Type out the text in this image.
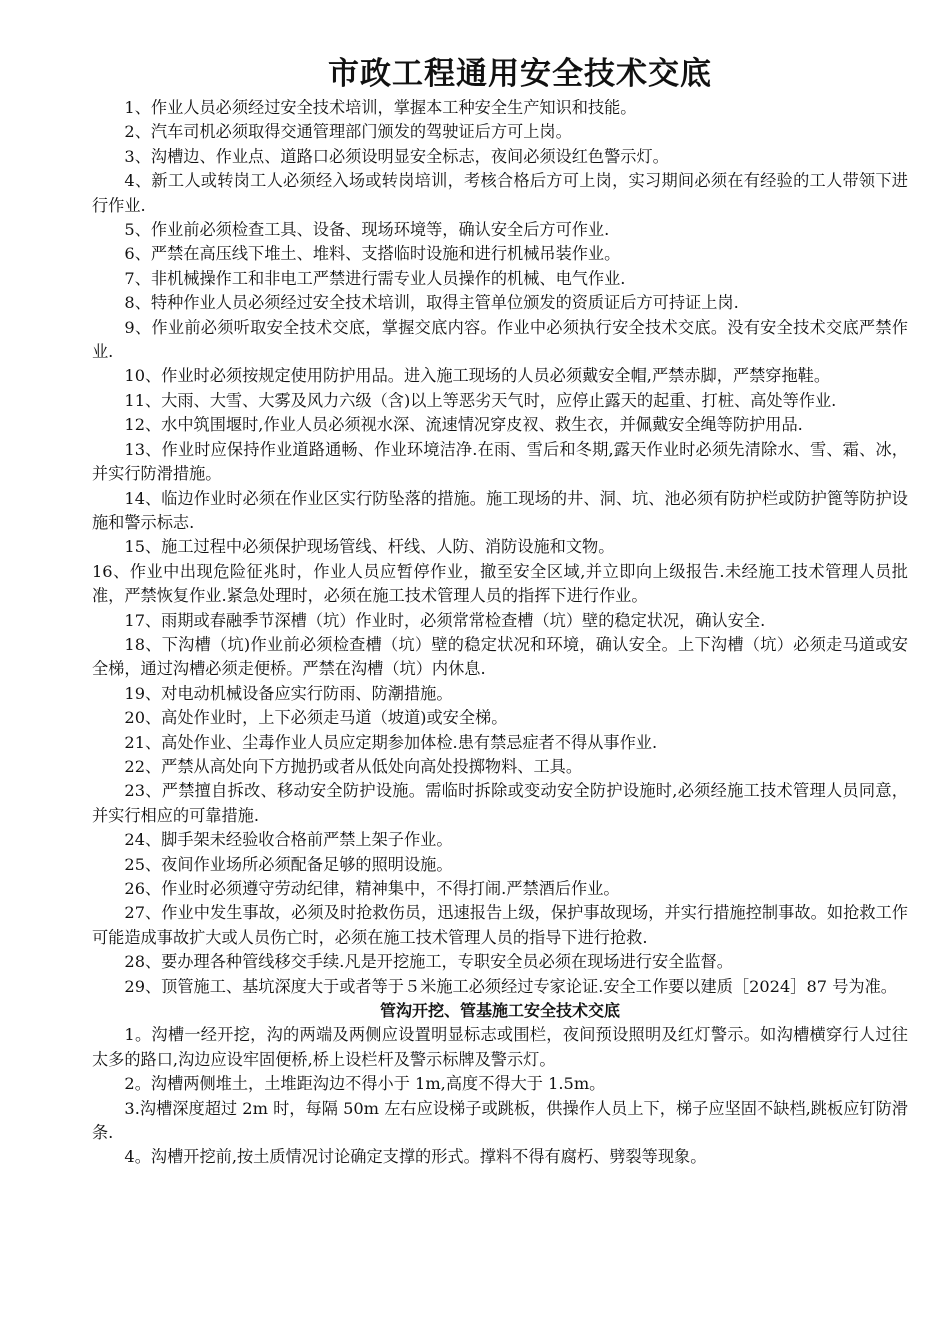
市政工程通用安全技术交底

1、作业人员必须经过安全技术培训，掌握本工种安全生产知识和技能。

2、汽车司机必须取得交通管理部门颁发的驾驶证后方可上岗。

3、沟槽边、作业点、道路口必须设明显安全标志，夜间必须设红色警示灯。

4、新工人或转岗工人必须经入场或转岗培训，考核合格后方可上岗，实习期间必须在有经验的工人带领下进行作业.

5、作业前必须检查工具、设备、现场环境等，确认安全后方可作业.

6、严禁在高压线下堆土、堆料、支搭临时设施和进行机械吊装作业。

7、非机械操作工和非电工严禁进行需专业人员操作的机械、电气作业.

8、特种作业人员必须经过安全技术培训，取得主管单位颁发的资质证后方可持证上岗.

9、作业前必须听取安全技术交底，掌握交底内容。作业中必须执行安全技术交底。没有安全技术交底严禁作业.

10、作业时必须按规定使用防护用品。进入施工现场的人员必须戴安全帽,严禁赤脚，严禁穿拖鞋。

11、大雨、大雪、大雾及风力六级（含)以上等恶劣天气时，应停止露天的起重、打桩、高处等作业.

12、水中筑围堰时,作业人员必须视水深、流速情况穿皮衩、救生衣，并佩戴安全绳等防护用品.

13、作业时应保持作业道路通畅、作业环境洁净.在雨、雪后和冬期,露天作业时必须先清除水、雪、霜、冰，并实行防滑措施。

14、临边作业时必须在作业区实行防坠落的措施。施工现场的井、洞、坑、池必须有防护栏或防护篦等防护设施和警示标志.

15、施工过程中必须保护现场管线、杆线、人防、消防设施和文物。

16、作业中出现危险征兆时，作业人员应暂停作业，撤至安全区域,并立即向上级报告.未经施工技术管理人员批准，严禁恢复作业.紧急处理时，必须在施工技术管理人员的指挥下进行作业。

17、雨期或春融季节深槽（坑）作业时，必须常常检查槽（坑）壁的稳定状况，确认安全.

18、下沟槽（坑)作业前必须检查槽（坑）壁的稳定状况和环境，确认安全。上下沟槽（坑）必须走马道或安全梯，通过沟槽必须走便桥。严禁在沟槽（坑）内休息.

19、对电动机械设备应实行防雨、防潮措施。

20、高处作业时，上下必须走马道（坡道)或安全梯。

21、高处作业、尘毒作业人员应定期参加体检.患有禁忌症者不得从事作业.

22、严禁从高处向下方抛扔或者从低处向高处投掷物料、工具。

23、严禁擅自拆改、移动安全防护设施。需临时拆除或变动安全防护设施时,必须经施工技术管理人员同意，并实行相应的可靠措施.

24、脚手架未经验收合格前严禁上架子作业。

25、夜间作业场所必须配备足够的照明设施。

26、作业时必须遵守劳动纪律，精神集中，不得打闹.严禁酒后作业。

27、作业中发生事故，必须及时抢救伤员，迅速报告上级，保护事故现场，并实行措施控制事故。如抢救工作可能造成事故扩大或人员伤亡时，必须在施工技术管理人员的指导下进行抢救.

28、要办理各种管线移交手续.凡是开挖施工，专职安全员必须在现场进行安全监督。

29、顶管施工、基坑深度大于或者等于５米施工必须经过专家论证.安全工作要以建质［2024］87 号为准。

管沟开挖、管基施工安全技术交底

1。沟槽一经开挖，沟的两端及两侧应设置明显标志或围栏，夜间预设照明及红灯警示。如沟槽横穿行人过往太多的路口,沟边应设牢固便桥,桥上设栏杆及警示标牌及警示灯。

2。沟槽两侧堆土，土堆距沟边不得小于 1m,高度不得大于 1.5m。

3.沟槽深度超过 2m 时，每隔 50m 左右应设梯子或跳板，供操作人员上下，梯子应坚固不缺档,跳板应钉防滑条.

4。沟槽开挖前,按土质情况讨论确定支撑的形式。撑料不得有腐朽、劈裂等现象。
